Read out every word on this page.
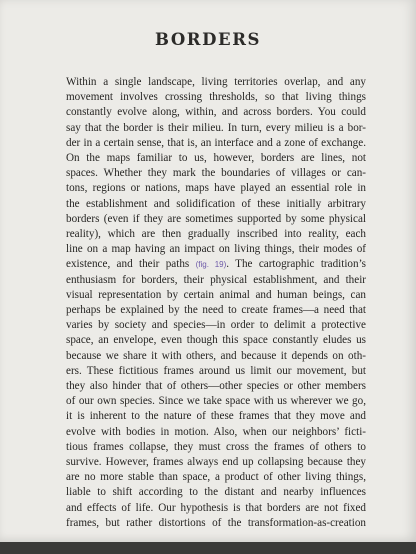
BORDERS
Within a single landscape, living territories overlap, and any
movement involves crossing thresholds, so that living things
constantly evolve along, within, and across borders. You could
say that the border is their milieu. In turn, every milieu is a bor-
der in a certain sense, that is, an interface and a zone of exchange.
On the maps familiar to us, however, borders are lines, not
spaces. Whether they mark the boundaries of villages or can-
tons, regions or nations, maps have played an essential role in
the establishment and solidification of these initially arbitrary
borders (even if they are sometimes supported by some physical
reality), which are then gradually inscribed into reality, each
line on a map having an impact on living things, their modes of
existence, and their paths (fig. 19). The cartographic tradition’s
enthusiasm for borders, their physical establishment, and their
visual representation by certain animal and human beings, can
perhaps be explained by the need to create frames—a need that
varies by society and species—in order to delimit a protective
space, an envelope, even though this space constantly eludes us
because we share it with others, and because it depends on oth-
ers. These fictitious frames around us limit our movement, but
they also hinder that of others—other species or other members
of our own species. Since we take space with us wherever we go,
it is inherent to the nature of these frames that they move and
evolve with bodies in motion. Also, when our neighbors’ ficti-
tious frames collapse, they must cross the frames of others to
survive. However, frames always end up collapsing because they
are no more stable than space, a product of other living things,
liable to shift according to the distant and nearby influences
and effects of life. Our hypothesis is that borders are not fixed
frames, but rather distortions of the transformation-as-creation
